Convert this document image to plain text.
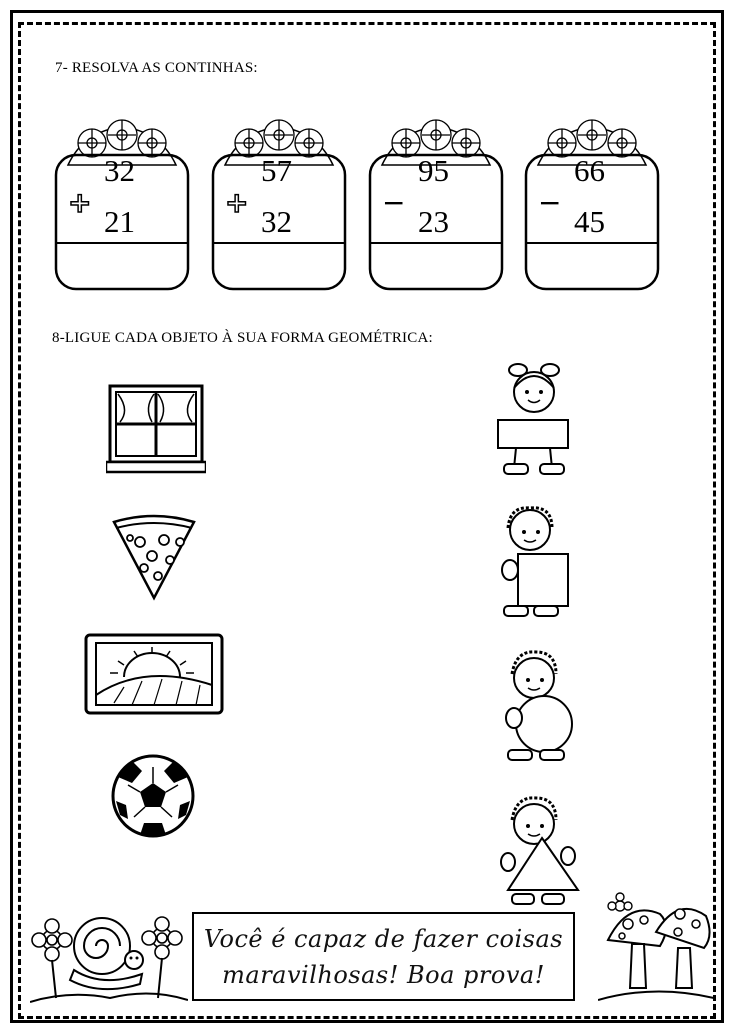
7- RESOLVA AS CONTINHAS:
32
+
21
57
+
32
95
−
23
66
−
45
8-LIGUE CADA OBJETO À SUA FORMA GEOMÉTRICA:
Você é capaz de fazer coisas
maravilhosas! Boa prova!
